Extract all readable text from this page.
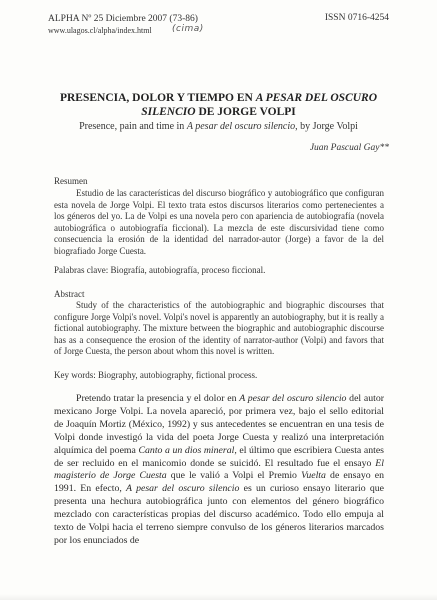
ALPHA Nº 25 Diciembre 2007 (73-86)
www.ulagos.cl/alpha/index.html
ISSN 0716-4254
(cima)
PRESENCIA, DOLOR Y TIEMPO EN A PESAR DEL OSCURO
SILENCIO DE JORGE VOLPI
Presence, pain and time in A pesar del oscuro silencio, by Jorge Volpi
Juan Pascual Gay**
Resumen
Estudio de las características del discurso biográfico y autobiográfico que configuran esta novela de Jorge Volpi. El texto trata estos discursos literarios como pertenecientes a los géneros del yo. La de Volpi es una novela pero con apariencia de autobiografía (novela autobiográfica o autobiografía ficcional). La mezcla de este discursividad tiene como consecuencia la erosión de la identidad del narrador-autor (Jorge) a favor de la del biografiado Jorge Cuesta.
Palabras clave: Biografía, autobiografía, proceso ficcional.
Abstract
Study of the characteristics of the autobiographic and biographic discourses that configure Jorge Volpi's novel. Volpi's novel is apparently an autobiography, but it is really a fictional autobiography. The mixture between the biographic and autobiographic discourse has as a consequence the erosion of the identity of narrator-author (Volpi) and favors that of Jorge Cuesta, the person about whom this novel is written.
Key words: Biography, autobiography, fictional process.
Pretendo tratar la presencia y el dolor en A pesar del oscuro silencio del autor mexicano Jorge Volpi. La novela apareció, por primera vez, bajo el sello editorial de Joaquín Mortiz (México, 1992) y sus antecedentes se encuentran en una tesis de Volpi donde investigó la vida del poeta Jorge Cuesta y realizó una interpretación alquímica del poema Canto a un dios mineral, el último que escribiera Cuesta antes de ser recluido en el manicomio donde se suicidó. El resultado fue el ensayo El magisterio de Jorge Cuesta que le valió a Volpi el Premio Vuelta de ensayo en 1991. En efecto, A pesar del oscuro silencio es un curioso ensayo literario que presenta una hechura autobiográfica junto con elementos del género biográfico mezclado con características propias del discurso académico. Todo ello empuja al texto de Volpi hacia el terreno siempre convulso de los géneros literarios marcados por los enunciados de
